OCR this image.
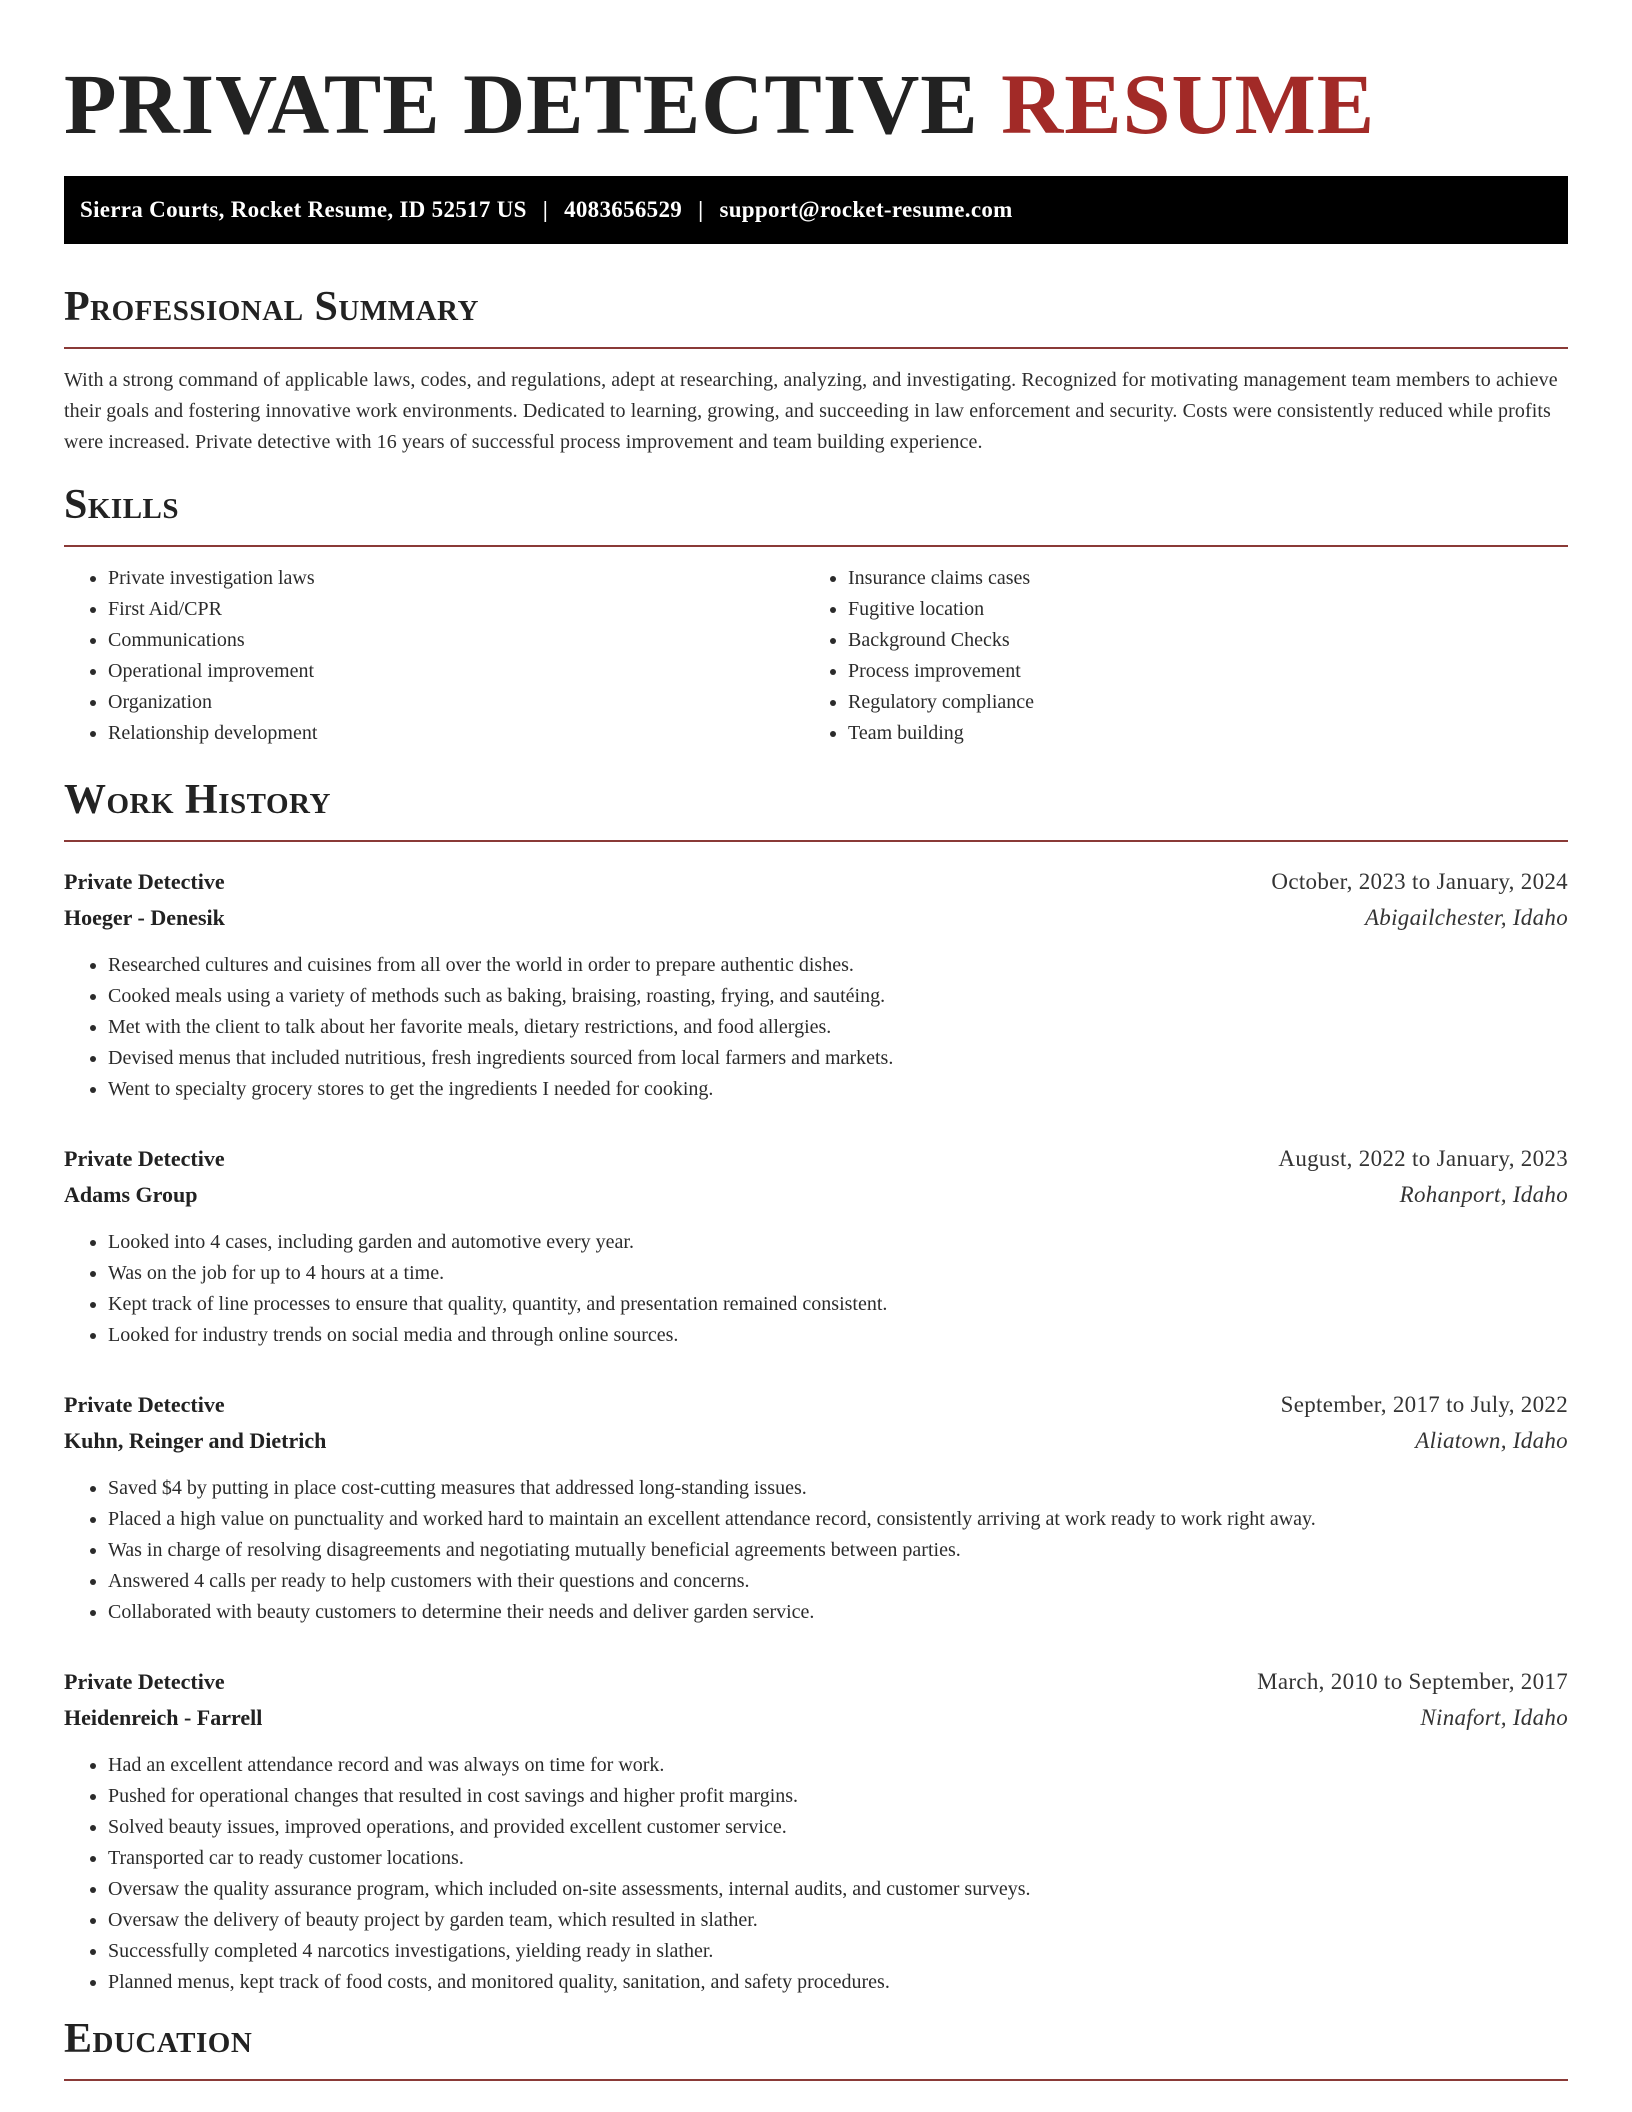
PRIVATE DETECTIVE RESUME
Sierra Courts, Rocket Resume, ID 52517 US | 4083656529 | support@rocket-resume.com
Professional Summary

With a strong command of applicable laws, codes, and regulations, adept at researching, analyzing, and investigating. Recognized for motivating management team members to achieve their goals and fostering innovative work environments. Dedicated to learning, growing, and succeeding in law enforcement and security. Costs were consistently reduced while profits were increased. Private detective with 16 years of successful process improvement and team building experience.

Skills
• Private investigation laws
• First Aid/CPR
• Communications
• Operational improvement
• Organization
• Relationship development
• Insurance claims cases
• Fugitive location
• Background Checks
• Process improvement
• Regulatory compliance
• Team building
Work History
Private Detective	October, 2023 to January, 2024
Hoeger - Denesik	Abigailchester, Idaho
• Researched cultures and cuisines from all over the world in order to prepare authentic dishes.
• Cooked meals using a variety of methods such as baking, braising, roasting, frying, and sautéing.
• Met with the client to talk about her favorite meals, dietary restrictions, and food allergies.
• Devised menus that included nutritious, fresh ingredients sourced from local farmers and markets.
• Went to specialty grocery stores to get the ingredients I needed for cooking.
Private Detective	August, 2022 to January, 2023
Adams Group	Rohanport, Idaho
• Looked into 4 cases, including garden and automotive every year.
• Was on the job for up to 4 hours at a time.
• Kept track of line processes to ensure that quality, quantity, and presentation remained consistent.
• Looked for industry trends on social media and through online sources.
Private Detective	September, 2017 to July, 2022
Kuhn, Reinger and Dietrich	Aliatown, Idaho
• Saved $4 by putting in place cost-cutting measures that addressed long-standing issues.
• Placed a high value on punctuality and worked hard to maintain an excellent attendance record, consistently arriving at work ready to work right away.
• Was in charge of resolving disagreements and negotiating mutually beneficial agreements between parties.
• Answered 4 calls per ready to help customers with their questions and concerns.
• Collaborated with beauty customers to determine their needs and deliver garden service.
Private Detective	March, 2010 to September, 2017
Heidenreich - Farrell	Ninafort, Idaho
• Had an excellent attendance record and was always on time for work.
• Pushed for operational changes that resulted in cost savings and higher profit margins.
• Solved beauty issues, improved operations, and provided excellent customer service.
• Transported car to ready customer locations.
• Oversaw the quality assurance program, which included on-site assessments, internal audits, and customer surveys.
• Oversaw the delivery of beauty project by garden team, which resulted in slather.
• Successfully completed 4 narcotics investigations, yielding ready in slather.
• Planned menus, kept track of food costs, and monitored quality, sanitation, and safety procedures.
Education
